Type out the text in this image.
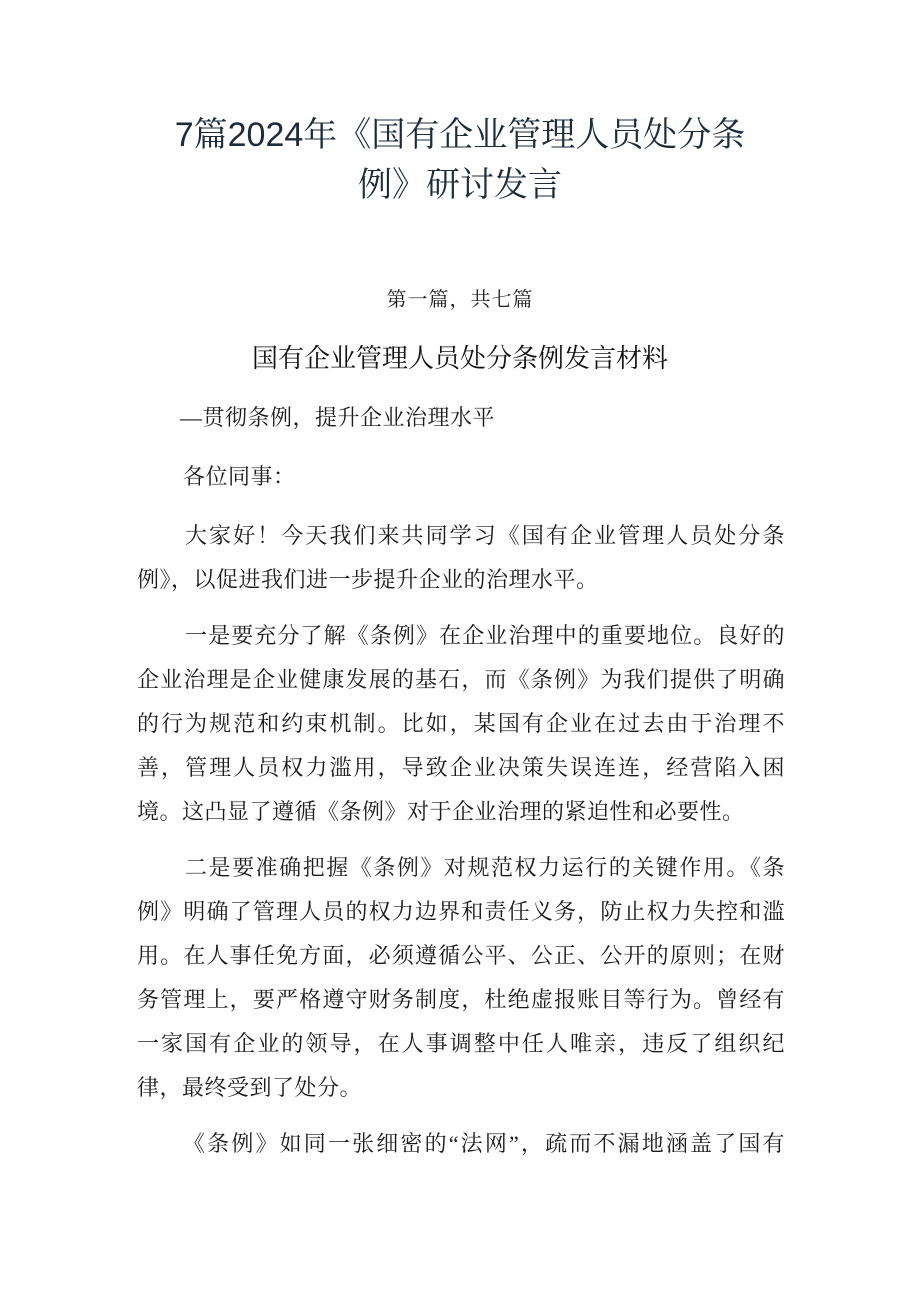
7篇2024年《国有企业管理人员处分条
例》研讨发言
第一篇，共七篇
国有企业管理人员处分条例发言材料
—贯彻条例，提升企业治理水平
各位同事：
大家好！今天我们来共同学习《国有企业管理人员处分条
例》，以促进我们进一步提升企业的治理水平。
一是要充分了解《条例》在企业治理中的重要地位。良好的
企业治理是企业健康发展的基石，而《条例》为我们提供了明确
的行为规范和约束机制。比如，某国有企业在过去由于治理不
善，管理人员权力滥用，导致企业决策失误连连，经营陷入困
境。这凸显了遵循《条例》对于企业治理的紧迫性和必要性。
二是要准确把握《条例》对规范权力运行的关键作用。《条
例》明确了管理人员的权力边界和责任义务，防止权力失控和滥
用。在人事任免方面，必须遵循公平、公正、公开的原则；在财
务管理上，要严格遵守财务制度，杜绝虚报账目等行为。曾经有
一家国有企业的领导，在人事调整中任人唯亲，违反了组织纪
律，最终受到了处分。
《条例》如同一张细密的“法网”，疏而不漏地涵盖了国有
